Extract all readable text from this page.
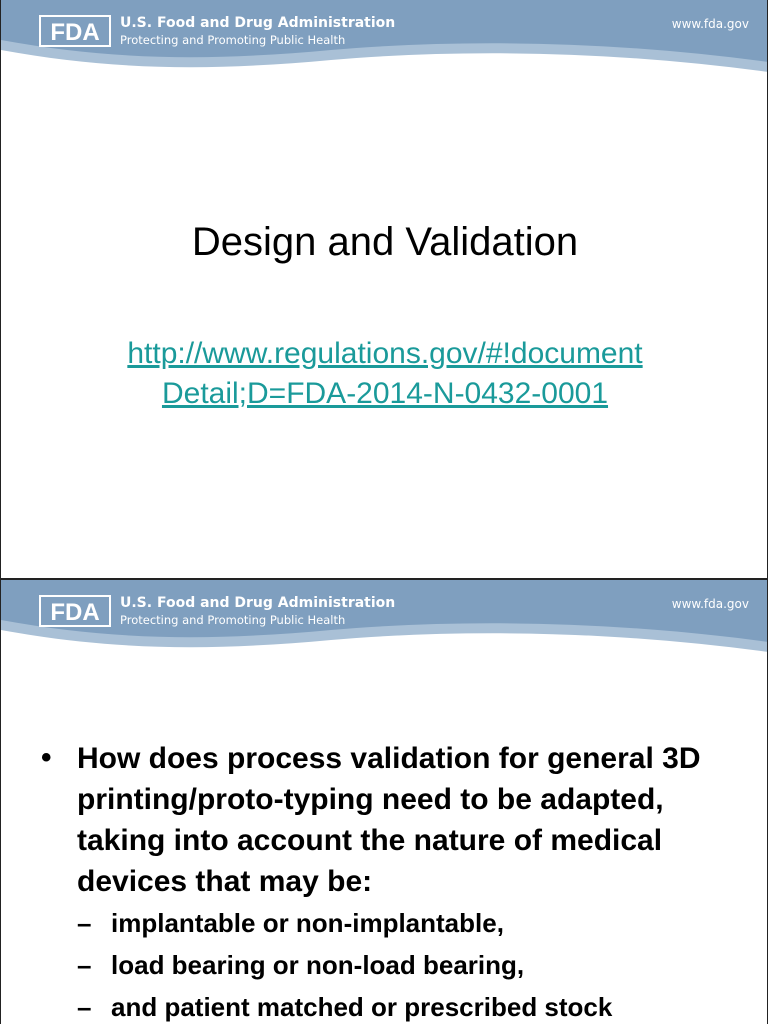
FDA U.S. Food and Drug Administration
Protecting and Promoting Public Health
www.fda.gov
Design and Validation
http://www.regulations.gov/#!documentDetail;D=FDA-2014-N-0432-0001
FDA U.S. Food and Drug Administration
Protecting and Promoting Public Health
www.fda.gov
• How does process validation for general 3D printing/proto-typing need to be adapted, taking into account the nature of medical devices that may be:
– implantable or non-implantable,
– load bearing or non-load bearing,
– and patient matched or prescribed stock
